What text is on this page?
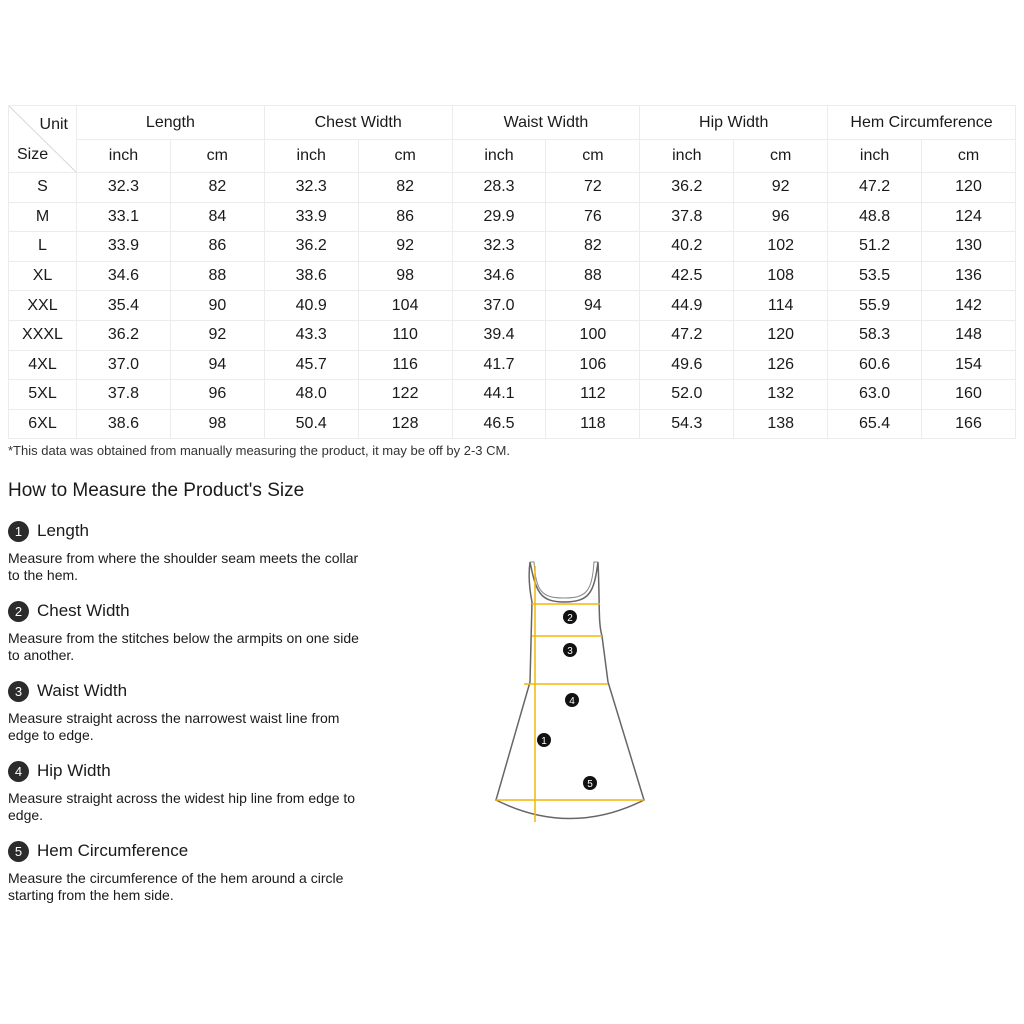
Unit
Size	Length		Chest Width		Waist Width		Hip Width		Hem Circumference	
	inch	cm	inch	cm	inch	cm	inch	cm	inch	cm
S	32.3	82	32.3	82	28.3	72	36.2	92	47.2	120
M	33.1	84	33.9	86	29.9	76	37.8	96	48.8	124
L	33.9	86	36.2	92	32.3	82	40.2	102	51.2	130
XL	34.6	88	38.6	98	34.6	88	42.5	108	53.5	136
XXL	35.4	90	40.9	104	37.0	94	44.9	114	55.9	142
XXXL	36.2	92	43.3	110	39.4	100	47.2	120	58.3	148
4XL	37.0	94	45.7	116	41.7	106	49.6	126	60.6	154
5XL	37.8	96	48.0	122	44.1	112	52.0	132	63.0	160
6XL	38.6	98	50.4	128	46.5	118	54.3	138	65.4	166
*This data was obtained from manually measuring the product, it may be off by 2-3 CM.
How to Measure the Product's Size
1 Length
Measure from where the shoulder seam meets the collar to the hem.
2 Chest Width
Measure from the stitches below the armpits on one side to another.
3 Waist Width
Measure straight across the narrowest waist line from edge to edge.
4 Hip Width
Measure straight across the widest hip line from edge to edge.
5 Hem Circumference
Measure the circumference of the hem around a circle starting from the hem side.
1
2
3
4
5
